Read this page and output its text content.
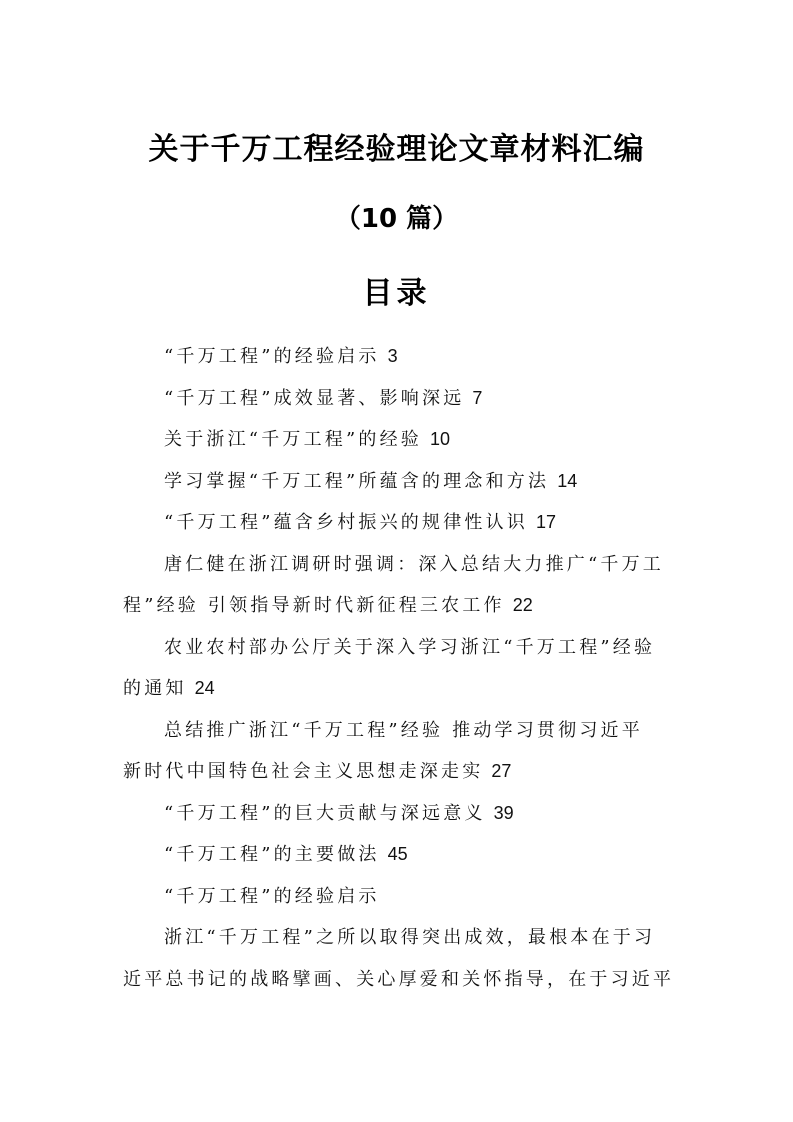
关于千万工程经验理论文章材料汇编
（10 篇）
目录
“千万工程”的经验启示 3
“千万工程”成效显著、影响深远 7
关于浙江“千万工程”的经验 10
学习掌握“千万工程”所蕴含的理念和方法 14
“千万工程”蕴含乡村振兴的规律性认识 17
唐仁健在浙江调研时强调：深入总结大力推广“千万工
程”经验 引领指导新时代新征程三农工作 22
农业农村部办公厅关于深入学习浙江“千万工程”经验
的通知 24
总结推广浙江“千万工程”经验 推动学习贯彻习近平
新时代中国特色社会主义思想走深走实 27
“千万工程”的巨大贡献与深远意义 39
“千万工程”的主要做法 45
“千万工程”的经验启示
浙江“千万工程”之所以取得突出成效，最根本在于习
近平总书记的战略擘画、关心厚爱和关怀指导，在于习近平
